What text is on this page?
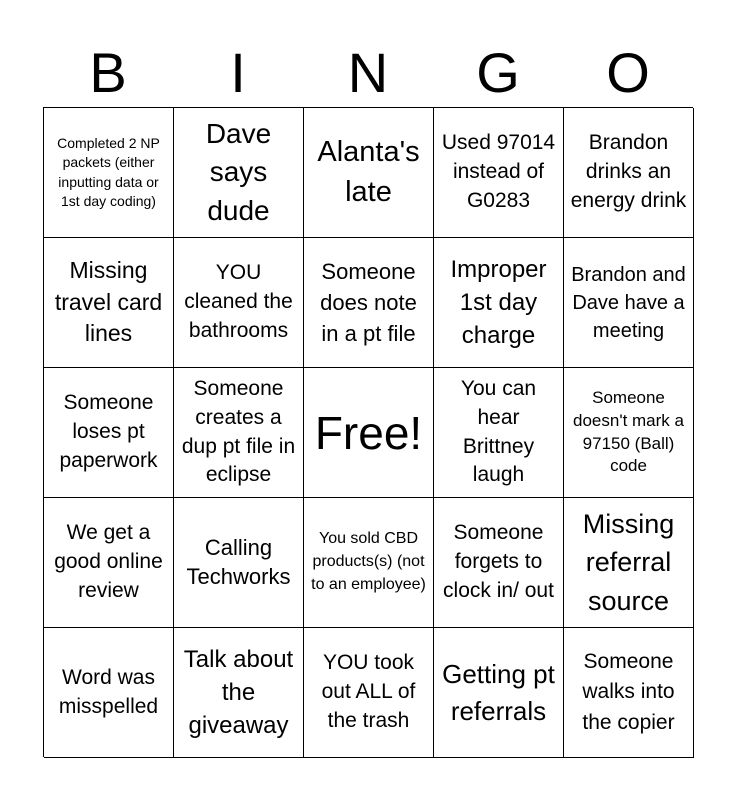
B	I	N	G	O
Completed 2 NP packets (either inputting data or 1st day coding)
Dave says dude
Alanta's late
Used 97014 instead of G0283
Brandon drinks an energy drink
Missing travel card lines
YOU cleaned the bathrooms
Someone does note in a pt file
Improper 1st day charge
Brandon and Dave have a meeting
Someone loses pt paperwork
Someone creates a dup pt file in eclipse
Free!
You can hear Brittney laugh
Someone doesn't mark a 97150 (Ball) code
We get a good online review
Calling Techworks
You sold CBD products(s) (not to an employee)
Someone forgets to clock in/ out
Missing referral source
Word was misspelled
Talk about the giveaway
YOU took out ALL of the trash
Getting pt referrals
Someone walks into the copier
